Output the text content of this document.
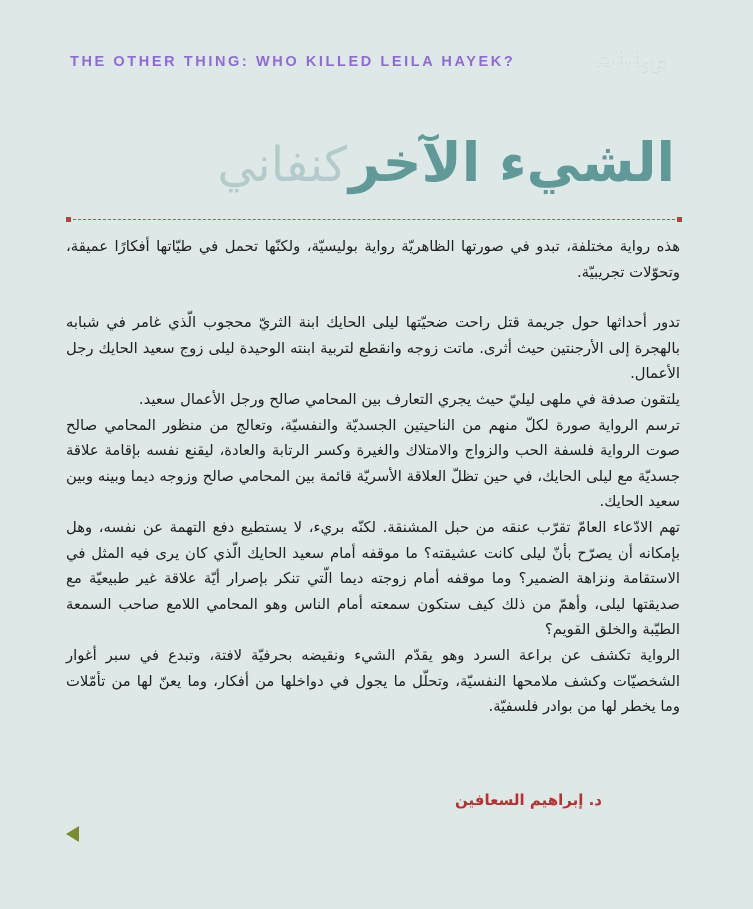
THE OTHER THING: WHO KILLED LEILA HAYEK?	روايات
الشيء الآخركنفاني

هذه رواية مختلفة، تبدو في صورتها الظاهريّة رواية بوليسيّة، ولكنّها تحمل في طيّاتها أفكارًا عميقة، وتحوّلات تجريبيّة.

تدور أحداثها حول جريمة قتل راحت ضحيّتها ليلى الحايك ابنة الثريّ محجوب الّذي غامر في شبابه بالهجرة إلى الأرجنتين حيث أثرى. ماتت زوجه وانقطع لتربية ابنته الوحيدة ليلى زوج سعيد الحايك رجل الأعمال.

يلتقون صدفة في ملهى ليليّ حيث يجري التعارف بين المحامي صالح ورجل الأعمال سعيد.

ترسم الرواية صورة لكلّ منهم من الناحيتين الجسديّة والنفسيّة، وتعالج من منظور المحامي صالح صوت الرواية فلسفة الحب والزواج والامتلاك والغيرة وكسر الرتابة والعادة، ليقنع نفسه بإقامة علاقة جسديّة مع ليلى الحايك، في حين تظلّ العلاقة الأسريّة قائمة بين المحامي صالح وزوجه ديما وبينه وبين سعيد الحايك.

تهم الادّعاء العامّ تقرّب عنقه من حبل المشنقة. لكنّه بريء، لا يستطيع دفع التهمة عن نفسه، وهل بإمكانه أن يصرّح بأنّ ليلى كانت عشيقته؟ ما موقفه أمام سعيد الحايك الّذي كان يرى فيه المثل في الاستقامة ونزاهة الضمير؟ وما موقفه أمام زوجته ديما الّتي تنكر بإصرار أيّة علاقة غير طبيعيّة مع صديقتها ليلى، وأهمّ من ذلك كيف ستكون سمعته أمام الناس وهو المحامي اللامع صاحب السمعة الطيّبة والخلق القويم؟

الرواية تكشف عن براعة السرد وهو يقدّم الشيء ونقيضه بحرفيّة لافتة، وتبدع في سبر أغوار الشخصيّات وكشف ملامحها النفسيّة، وتحلّل ما يجول في دواخلها من أفكار، وما يعنّ لها من تأمّلات وما يخطر لها من بوادر فلسفيّة.

د. إبراهيم السعافين
